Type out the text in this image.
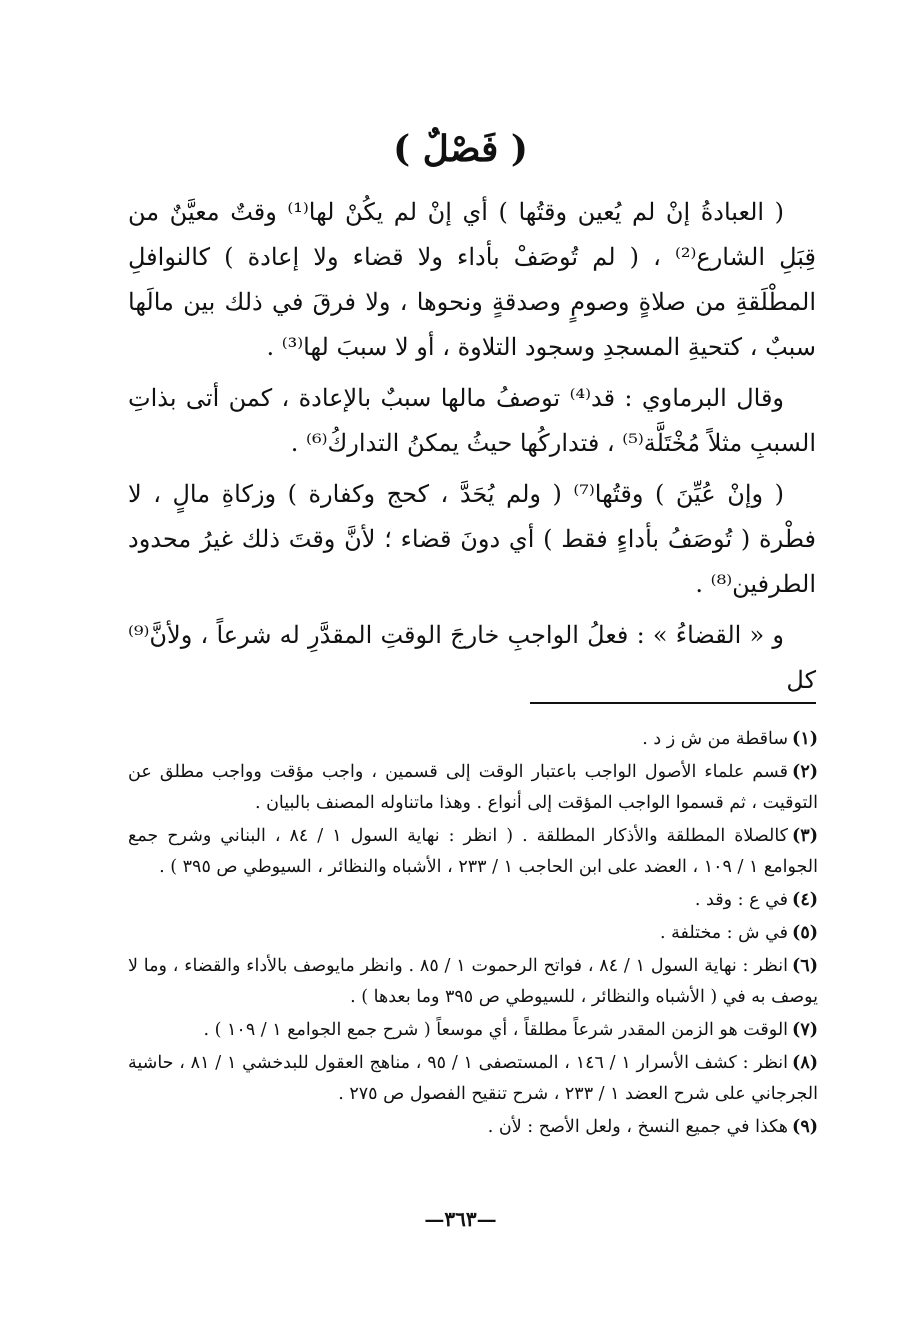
( فَصْلٌ )

( العبادةُ إنْ لم يُعين وقتُها ) أي إنْ لم يكُنْ لها⁽¹⁾ وقتٌ معيَّنٌ من قِبَلِ الشارع⁽²⁾ ، ( لم تُوصَفْ بأداء ولا قضاء ولا إعادة ) كالنوافلِ المطْلَقةِ من صلاةٍ وصومٍ وصدقةٍ ونحوها ، ولا فرقَ في ذلك بين مالَها سببٌ ، كتحيةِ المسجدِ وسجود التلاوة ، أو لا سببَ لها⁽³⁾ .

وقال البرماوي : قد⁽⁴⁾ توصفُ مالها سببٌ بالإعادة ، كمن أتى بذاتِ السببِ مثلاً مُخْتَلَّة⁽⁵⁾ ، فتداركُها حيثُ يمكنُ التداركُ⁽⁶⁾ .

( وإنْ عُيِّنَ ) وقتُها⁽⁷⁾ ( ولم يُحَدَّ ، كحج وكفارة ) وزكاةِ مالٍ ، لا فطْرة ( تُوصَفُ بأداءٍ فقط ) أي دونَ قضاء ؛ لأنَّ وقتَ ذلك غيرُ محدود الطرفين⁽⁸⁾ .

و « القضاءُ » : فعلُ الواجبِ خارجَ الوقتِ المقدَّرِ له شرعاً ، ولأنَّ⁽⁹⁾ كل

(١)ساقطة من ش ز د .
(٢)قسم علماء الأصول الواجب باعتبار الوقت إلى قسمين ، واجب مؤقت وواجب مطلق عن التوقيت ، ثم قسموا الواجب المؤقت إلى أنواع . وهذا ماتناوله المصنف بالبيان .
(٣)كالصلاة المطلقة والأذكار المطلقة . ( انظر : نهاية السول ١ / ٨٤ ، البناني وشرح جمع الجوامع ١ / ١٠٩ ، العضد على ابن الحاجب ١ / ٢٣٣ ، الأشباه والنظائر ، السيوطي ص ٣٩٥ ) .
(٤)في ع : وقد .
(٥)في ش : مختلفة .
(٦)انظر : نهاية السول ١ / ٨٤ ، فواتح الرحموت ١ / ٨٥ . وانظر مايوصف بالأداء والقضاء ، وما لا يوصف به في ( الأشباه والنظائر ، للسيوطي ص ٣٩٥ وما بعدها ) .
(٧)الوقت هو الزمن المقدر شرعاً مطلقاً ، أي موسعاً ( شرح جمع الجوامع ١ / ١٠٩ ) .
(٨)انظر : كشف الأسرار ١ / ١٤٦ ، المستصفى ١ / ٩٥ ، مناهج العقول للبدخشي ١ / ٨١ ، حاشية الجرجاني على شرح العضد ١ / ٢٣٣ ، شرح تنقيح الفصول ص ٢٧٥ .
(٩)هكذا في جميع النسخ ، ولعل الأصح : لأن .
—٣٦٣—
